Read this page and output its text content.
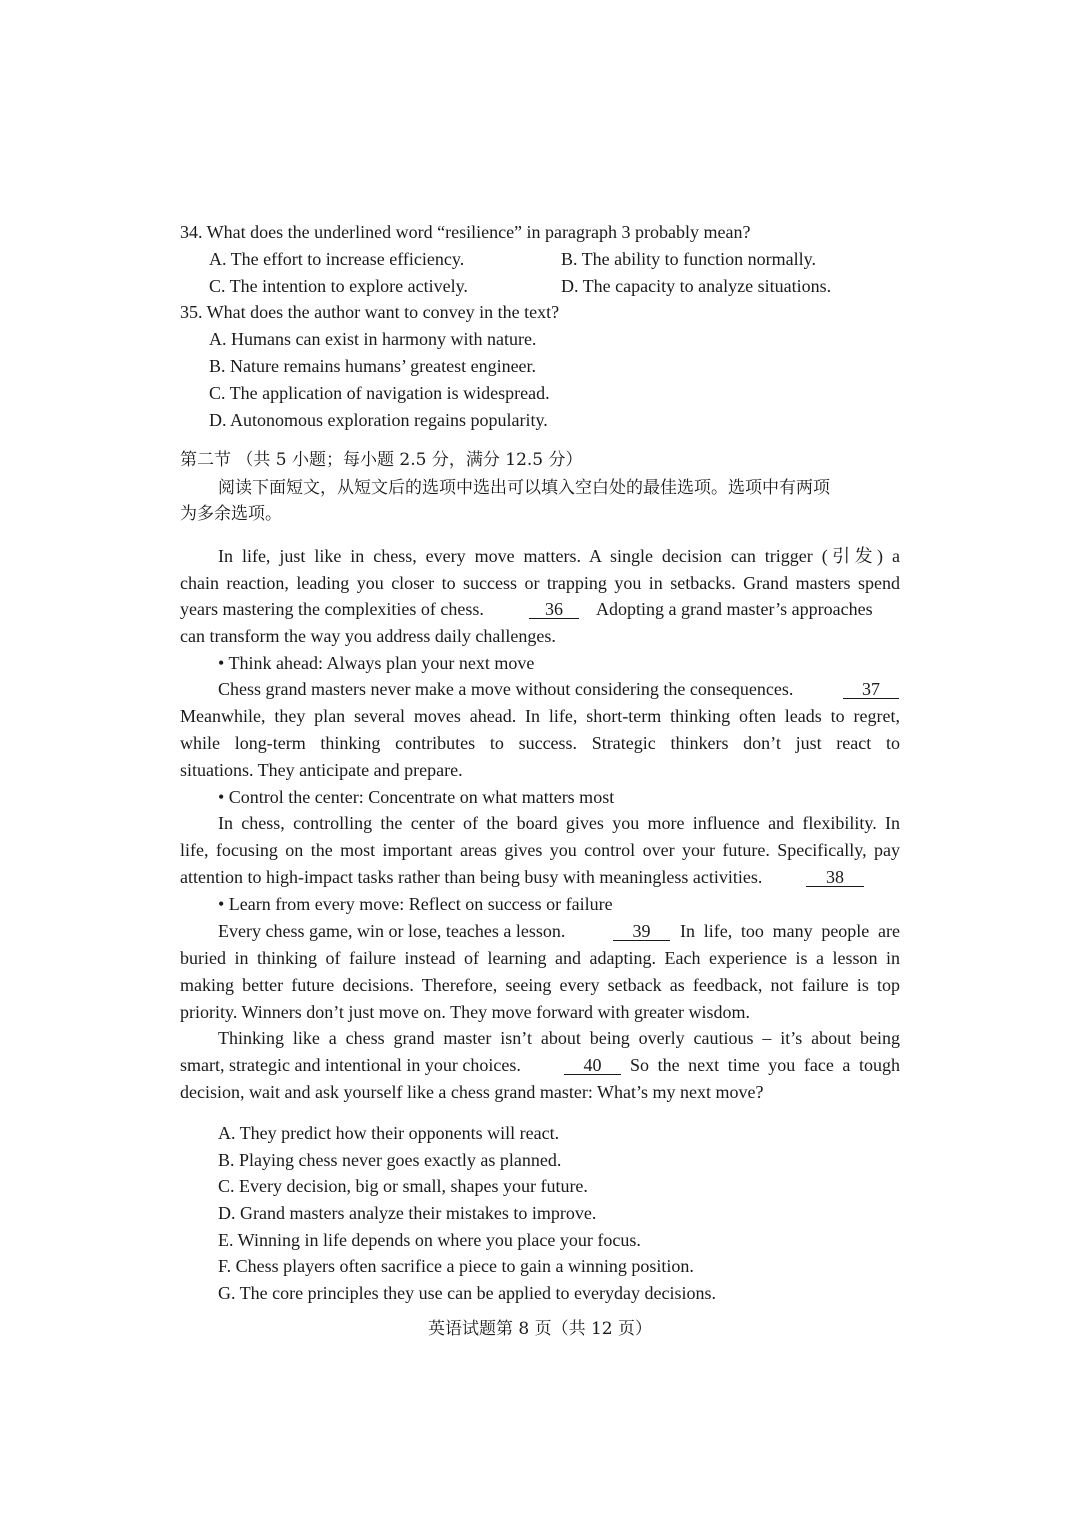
34. What does the underlined word “resilience” in paragraph 3 probably mean?
A. The effort to increase efficiency.	B. The ability to function normally.
C. The intention to explore actively.	D. The capacity to analyze situations.
35. What does the author want to convey in the text?
A. Humans can exist in harmony with nature.
B. Nature remains humans’ greatest engineer.
C. The application of navigation is widespread.
D. Autonomous exploration regains popularity.
第二节 （共 5 小题；每小题 2.5 分，满分 12.5 分）
阅读下面短文，从短文后的选项中选出可以填入空白处的最佳选项。选项中有两项
为多余选项。
In life, just like in chess, every move matters. A single decision can trigger (引发) a
chain reaction, leading you closer to success or trapping you in setbacks. Grand masters spend
years mastering the complexities of chess.	36	Adopting a grand master’s approaches
can transform the way you address daily challenges.
• Think ahead: Always plan your next move
Chess grand masters never make a move without considering the consequences.	37
Meanwhile, they plan several moves ahead. In life, short-term thinking often leads to regret,
while long-term thinking contributes to success. Strategic thinkers don’t just react to
situations. They anticipate and prepare.
• Control the center: Concentrate on what matters most
In chess, controlling the center of the board gives you more influence and flexibility. In
life, focusing on the most important areas gives you control over your future. Specifically, pay
attention to high-impact tasks rather than being busy with meaningless activities.	38
• Learn from every move: Reflect on success or failure
Every chess game, win or lose, teaches a lesson.	39	In life, too many people are
buried in thinking of failure instead of learning and adapting. Each experience is a lesson in
making better future decisions. Therefore, seeing every setback as feedback, not failure is top
priority. Winners don’t just move on. They move forward with greater wisdom.
Thinking like a chess grand master isn’t about being overly cautious – it’s about being
smart, strategic and intentional in your choices.	40	So the next time you face a tough
decision, wait and ask yourself like a chess grand master: What’s my next move?
A. They predict how their opponents will react.
B. Playing chess never goes exactly as planned.
C. Every decision, big or small, shapes your future.
D. Grand masters analyze their mistakes to improve.
E. Winning in life depends on where you place your focus.
F. Chess players often sacrifice a piece to gain a winning position.
G. The core principles they use can be applied to everyday decisions.
英语试题第 8 页（共 12 页）
